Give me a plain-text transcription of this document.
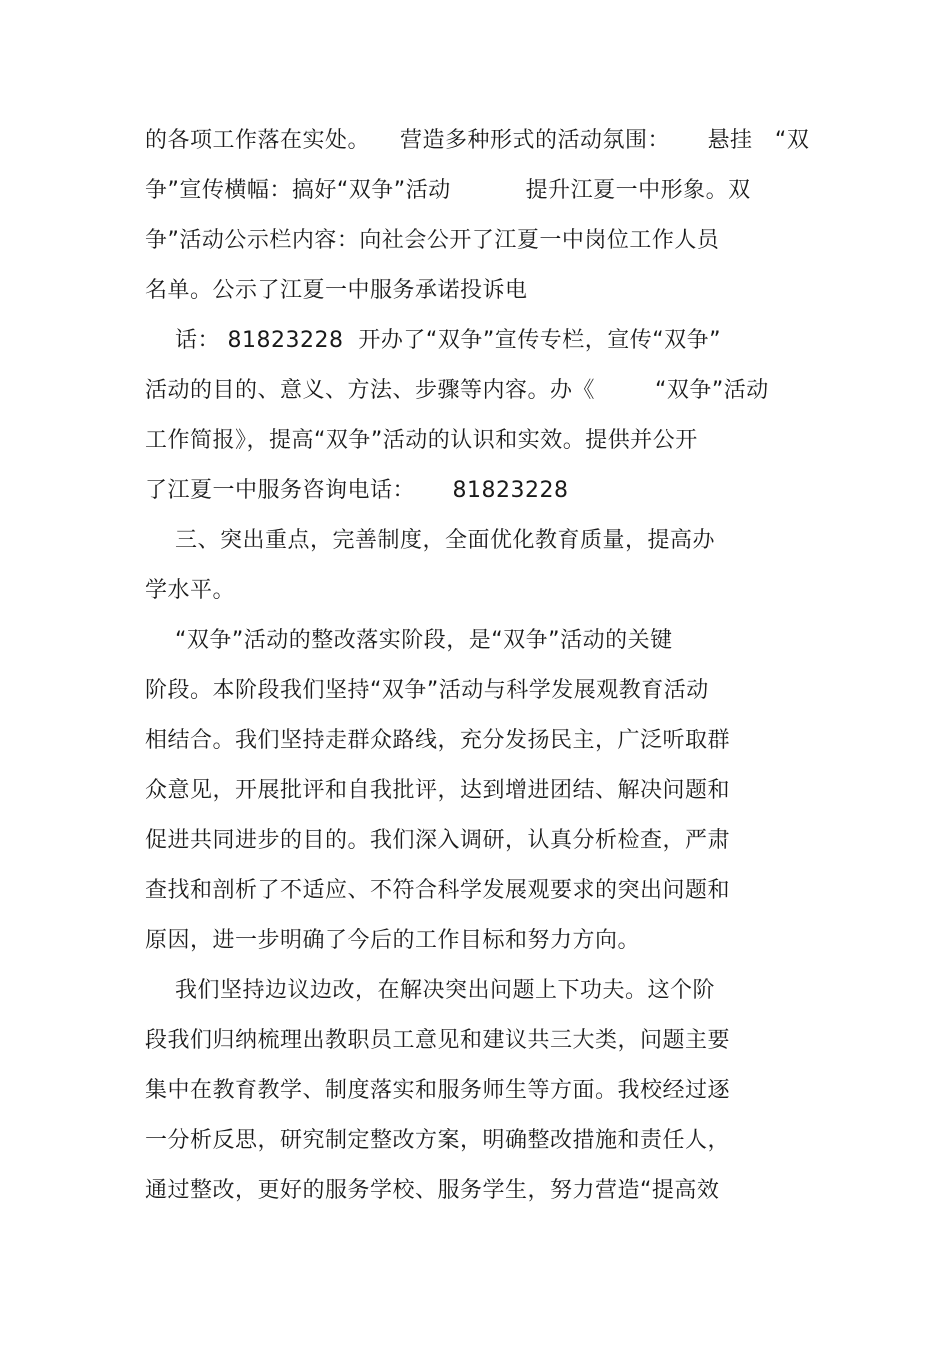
的各项工作落在实处。    营造多种形式的活动氛围：     悬挂   “双
争”宣传横幅：搞好“双争”活动          提升江夏一中形象。双
争”活动公示栏内容：向社会公开了江夏一中岗位工作人员
名单。公示了江夏一中服务承诺投诉电
话： 81823228  开办了“双争”宣传专栏，宣传“双争”
活动的目的、意义、方法、步骤等内容。办《        “双争”活动
工作简报》，提高“双争”活动的认识和实效。提供并公开
了江夏一中服务咨询电话：     81823228
三、突出重点，完善制度，全面优化教育质量，提高办
学水平。
“双争”活动的整改落实阶段，是“双争”活动的关键
阶段。本阶段我们坚持“双争”活动与科学发展观教育活动
相结合。我们坚持走群众路线，充分发扬民主，广泛听取群
众意见，开展批评和自我批评，达到增进团结、解决问题和
促进共同进步的目的。我们深入调研，认真分析检查，严肃
查找和剖析了不适应、不符合科学发展观要求的突出问题和
原因，进一步明确了今后的工作目标和努力方向。
我们坚持边议边改，在解决突出问题上下功夫。这个阶
段我们归纳梳理出教职员工意见和建议共三大类，问题主要
集中在教育教学、制度落实和服务师生等方面。我校经过逐
一分析反思，研究制定整改方案，明确整改措施和责任人，
通过整改，更好的服务学校、服务学生，努力营造“提高效
